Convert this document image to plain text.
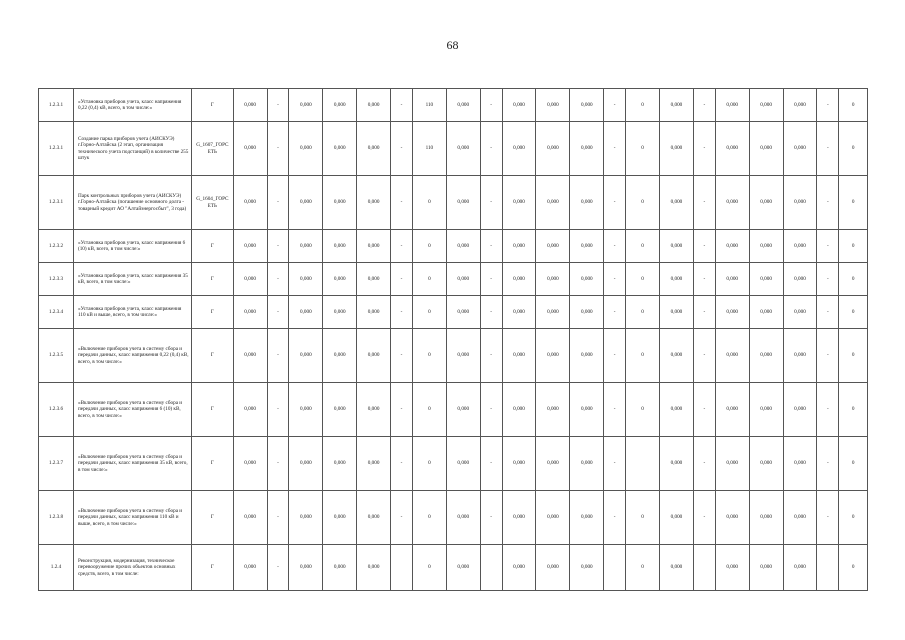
68
1.2.3.1	«Установка приборов учета, класс напряжения 0,22 (0,4) кВ, всего, в том числе:»	Г	0,000	-	0,000	0,000	0,000	-	110	0,000	-	0,000	0,000	0,000	-	0	0,000	-	0,000	0,000	0,000	-	0
1.2.3.1	Создание парка приборов учета (АИСКУЭ) г.Горно-Алтайска (2 этап, организация технического учета подстанций) в количестве 255 штук	G_1607_ГОРС ЕТЬ	0,000	-	0,000	0,000	0,000	-	110	0,000	-	0,000	0,000	0,000	-	0	0,000	-	0,000	0,000	0,000	-	0
1.2.3.1	Парк контрольных приборов учета (АИСКУЭ) г.Горно-Алтайска (погашение основного долга - товарный кредит АО "Алтайэнергосбыт", 3 года)	G_1604_ГОРС ЕТЬ	0,000	-	0,000	0,000	0,000	-	0	0,000	-	0,000	0,000	0,000	-	0	0,000	-	0,000	0,000	0,000	-	0
1.2.3.2	«Установка приборов учета, класс напряжения 6 (10) кВ, всего, в том числе:»	Г	0,000	-	0,000	0,000	0,000	-	0	0,000	-	0,000	0,000	0,000	-	0	0,000	-	0,000	0,000	0,000	-	0
1.2.3.3	«Установка приборов учета, класс напряжения 35 кВ, всего, в том числе:»	Г	0,000	-	0,000	0,000	0,000	-	0	0,000	-	0,000	0,000	0,000	-	0	0,000	-	0,000	0,000	0,000	-	0
1.2.3.4	«Установка приборов учета, класс напряжения 110 кВ и выше, всего, в том числе:»	Г	0,000	-	0,000	0,000	0,000	-	0	0,000	-	0,000	0,000	0,000	-	0	0,000	-	0,000	0,000	0,000	-	0
1.2.3.5	«Включение приборов учета в систему сбора и передачи данных, класс напряжения 0,22 (0,4) кВ, всего, в том числе:»	Г	0,000	-	0,000	0,000	0,000	-	0	0,000	-	0,000	0,000	0,000	-	0	0,000	-	0,000	0,000	0,000	-	0
1.2.3.6	«Включение приборов учета в систему сбора и передачи данных, класс напряжения 6 (10) кВ, всего, в том числе:»	Г	0,000	-	0,000	0,000	0,000	-	0	0,000	-	0,000	0,000	0,000	-	0	0,000	-	0,000	0,000	0,000	-	0
1.2.3.7	«Включение приборов учета в систему сбора и передачи данных, класс напряжения 35 кВ, всего, в том числе:»	Г	0,000	-	0,000	0,000	0,000	-	0	0,000	-	0,000	0,000	0,000	-		0,000	-	0,000	0,000	0,000	-	0
1.2.3.8	«Включение приборов учета в систему сбора и передачи данных, класс напряжения 110 кВ и выше, всего, в том числе:»	Г	0,000	-	0,000	0,000	0,000	-	0	0,000	-	0,000	0,000	0,000	-	0	0,000	-	0,000	0,000	0,000	-	0
1.2.4	Реконструкция, модернизация, техническое перевооружение прочих объектов основных средств, всего, в том числе:	Г	0,000	-	0,000	0,000	0,000		0	0,000		0,000	0,000	0,000		0	0,000		0,000	0,000	0,000		0
